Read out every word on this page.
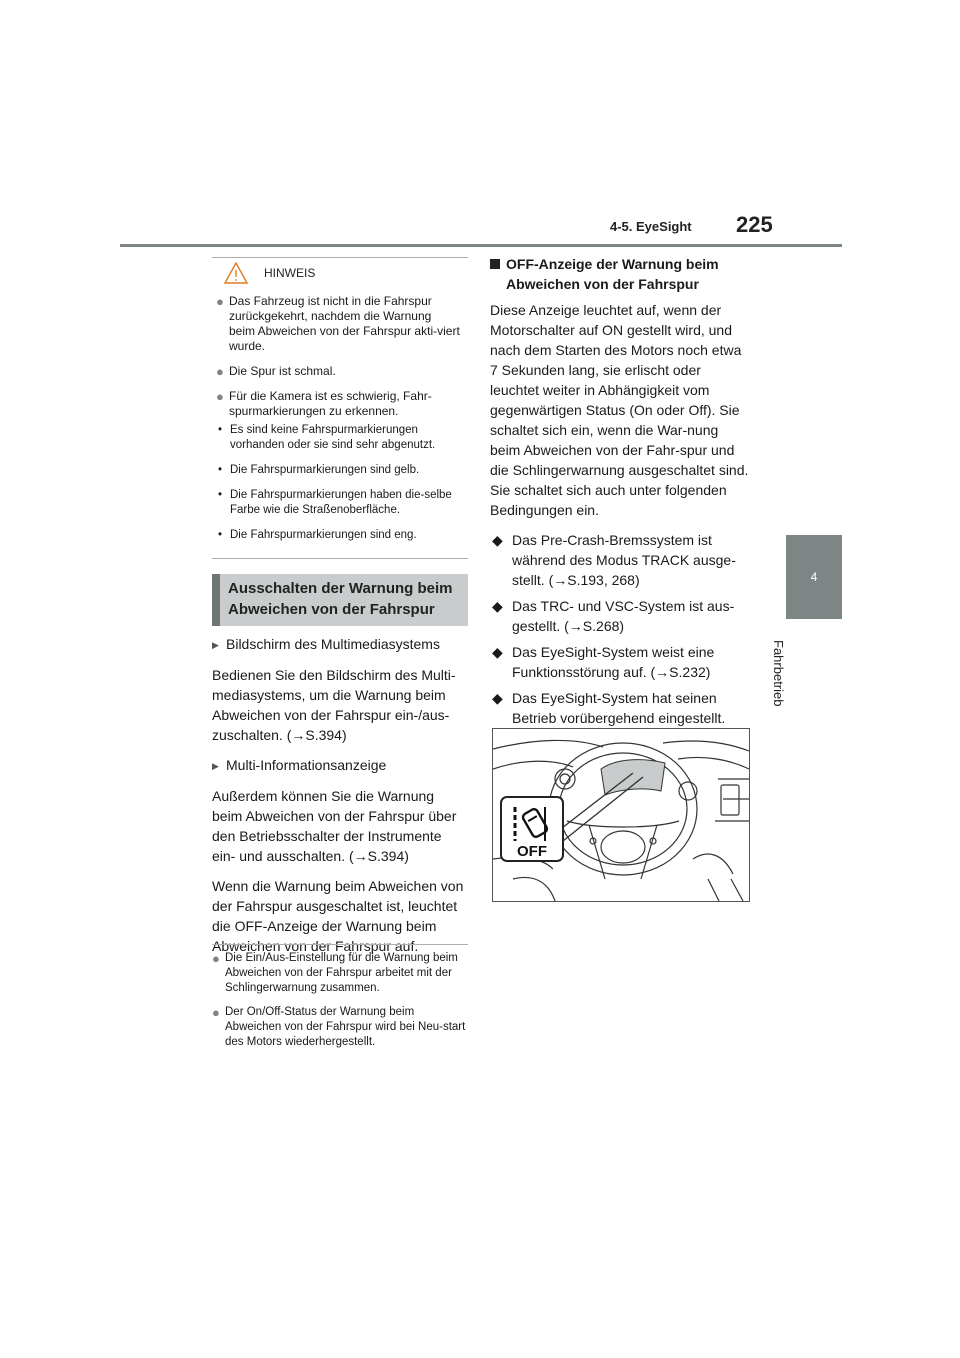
4-5. EyeSight 225
4
Fahrbetrieb
HINWEIS
● Das Fahrzeug ist nicht in die Fahrspur zurückgekehrt, nachdem die Warnung beim Abweichen von der Fahrspur akti-viert wurde.
● Die Spur ist schmal.
● Für die Kamera ist es schwierig, Fahr-spurmarkierungen zu erkennen.
• Es sind keine Fahrspurmarkierungen vorhanden oder sie sind sehr abgenutzt.
• Die Fahrspurmarkierungen sind gelb.
• Die Fahrspurmarkierungen haben die-selbe Farbe wie die Straßenoberfläche.
• Die Fahrspurmarkierungen sind eng.
Ausschalten der Warnung beim Abweichen von der Fahrspur
▶ Bildschirm des Multimediasystems

Bedienen Sie den Bildschirm des Multi-mediasystems, um die Warnung beim Abweichen von der Fahrspur ein-/aus-zuschalten. (→S.394)

▶ Multi-Informationsanzeige

Außerdem können Sie die Warnung beim Abweichen von der Fahrspur über den Betriebsschalter der Instrumente ein- und ausschalten. (→S.394)

Wenn die Warnung beim Abweichen von der Fahrspur ausgeschaltet ist, leuchtet die OFF-Anzeige der Warnung beim Abweichen von der Fahrspur auf.

● Die Ein/Aus-Einstellung für die Warnung beim Abweichen von der Fahrspur arbeitet mit der Schlingerwarnung zusammen.
● Der On/Off-Status der Warnung beim Abweichen von der Fahrspur wird bei Neu-start des Motors wiederhergestellt.
OFF-Anzeige der Warnung beim Abweichen von der Fahrspur

Diese Anzeige leuchtet auf, wenn der Motorschalter auf ON gestellt wird, und nach dem Starten des Motors noch etwa 7 Sekunden lang, sie erlischt oder leuchtet weiter in Abhängigkeit vom gegenwärtigen Status (On oder Off). Sie schaltet sich ein, wenn die War-nung beim Abweichen von der Fahr-spur und die Schlingerwarnung ausgeschaltet sind. Sie schaltet sich auch unter folgenden Bedingungen ein.

◆ Das Pre-Crash-Bremssystem ist während des Modus TRACK ausge-stellt. (→S.193, 268)
◆ Das TRC- und VSC-System ist aus-gestellt. (→S.268)
◆ Das EyeSight-System weist eine Funktionsstörung auf. (→S.232)
◆ Das EyeSight-System hat seinen Betrieb vorübergehend eingestellt.
OFF
